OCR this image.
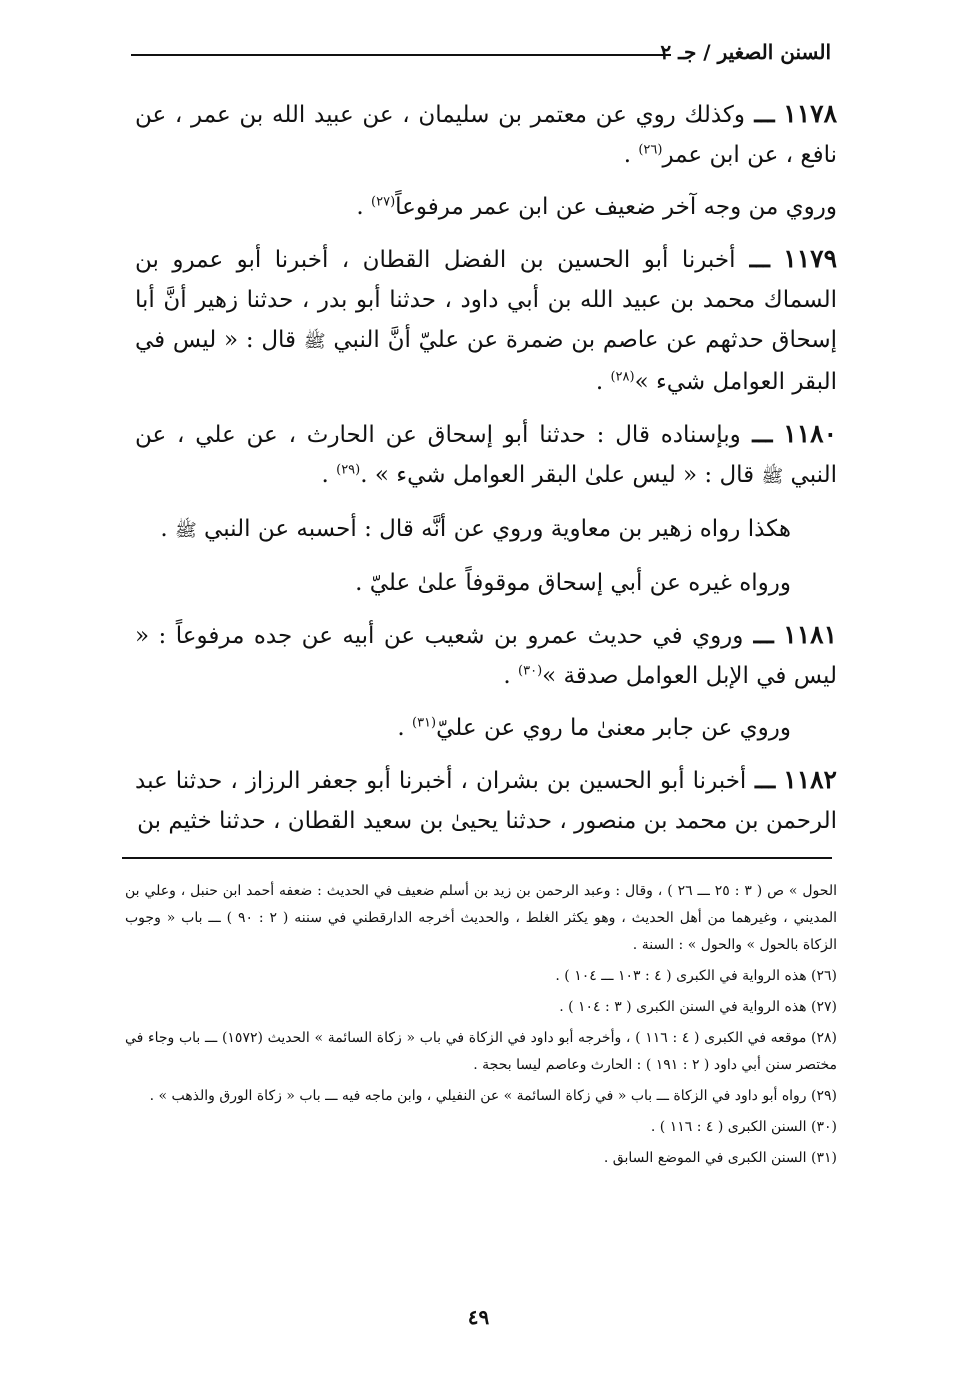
السنن الصغير / جـ ٢

١١٧٨ ـــ وكذلك روي عن معتمر بن سليمان ، عن عبيد الله بن عمر ، عن نافع ، عن ابن عمر$^{(٢٦)}$ .

وروي من وجه آخر ضعيف عن ابن عمر مرفوعاً$^{(٢٧)}$ .

١١٧٩ ـــ أخبرنا أبو الحسين بن الفضل القطان ، أخبرنا أبو عمرو بن السماك محمد بن عبيد الله بن أبي داود ، حدثنا أبو بدر ، حدثنا زهير أنَّ أبا إسحاق حدثهم عن عاصم بن ضمرة عن عليّ أنَّ النبي ﷺ قال : « ليس في البقر العوامل شيء »$^{(٢٨)}$ .

١١٨٠ ـــ وبإسناده قال : حدثنا أبو إسحاق عن الحارث ، عن علي ، عن النبي ﷺ قال : « ليس علىٰ البقر العوامل شيء » .$^{(٢٩)}$ .

هكذا رواه زهير بن معاوية وروي عن أنَّه قال : أحسبه عن النبي ﷺ .

ورواه غيره عن أبي إسحاق موقوفاً علىٰ عليّ .

١١٨١ ـــ وروي في حديث عمرو بن شعيب عن أبيه عن جده مرفوعاً : « ليس في الإبل العوامل صدقة »$^{(٣٠)}$ .

وروي عن جابر معنىٰ ما روي عن عليّ$^{(٣١)}$ .

١١٨٢ ـــ أخبرنا أبو الحسين بن بشران ، أخبرنا أبو جعفر الرزاز ، حدثنا عبد الرحمن بن محمد بن منصور ، حدثنا يحيىٰ بن سعيد القطان ، حدثنا خثيم بن

الحول » ص ( ٣ : ٢٥ ـــ ٢٦ ) ، وقال : وعبد الرحمن بن زيد بن أسلم ضعيف في الحديث : ضعفه أحمد ابن حنبل ، وعلي بن المديني ، وغيرهما من أهل الحديث ، وهو يكثر الغلط ، والحديث أخرجه الدارقطني في سننه ( ٢ : ٩٠ ) ـــ باب « وجوب الزكاة بالحول » والحول » : السنة .

(٢٦) هذه الرواية في الكبرى ( ٤ : ١٠٣ ـــ ١٠٤ ) .

(٢٧) هذه الرواية في السنن الكبرى ( ٣ : ١٠٤ ) .

(٢٨) موقعه في الكبرى ( ٤ : ١١٦ ) ، وأخرجه أبو داود في الزكاة في باب « زكاة السائمة » الحديث (١٥٧٢) ـــ باب وجاء في مختصر سنن أبي داود ( ٢ : ١٩١ ) : الحارث وعاصم ليسا بحجة .

(٢٩) رواه أبو داود في الزكاة ـــ باب « في زكاة السائمة » عن النفيلي ، وابن ماجه فيه ـــ باب « زكاة الورق والذهب » .

(٣٠) السنن الكبرى ( ٤ : ١١٦ ) .

(٣١) السنن الكبرى في الموضع السابق .

٤٩
